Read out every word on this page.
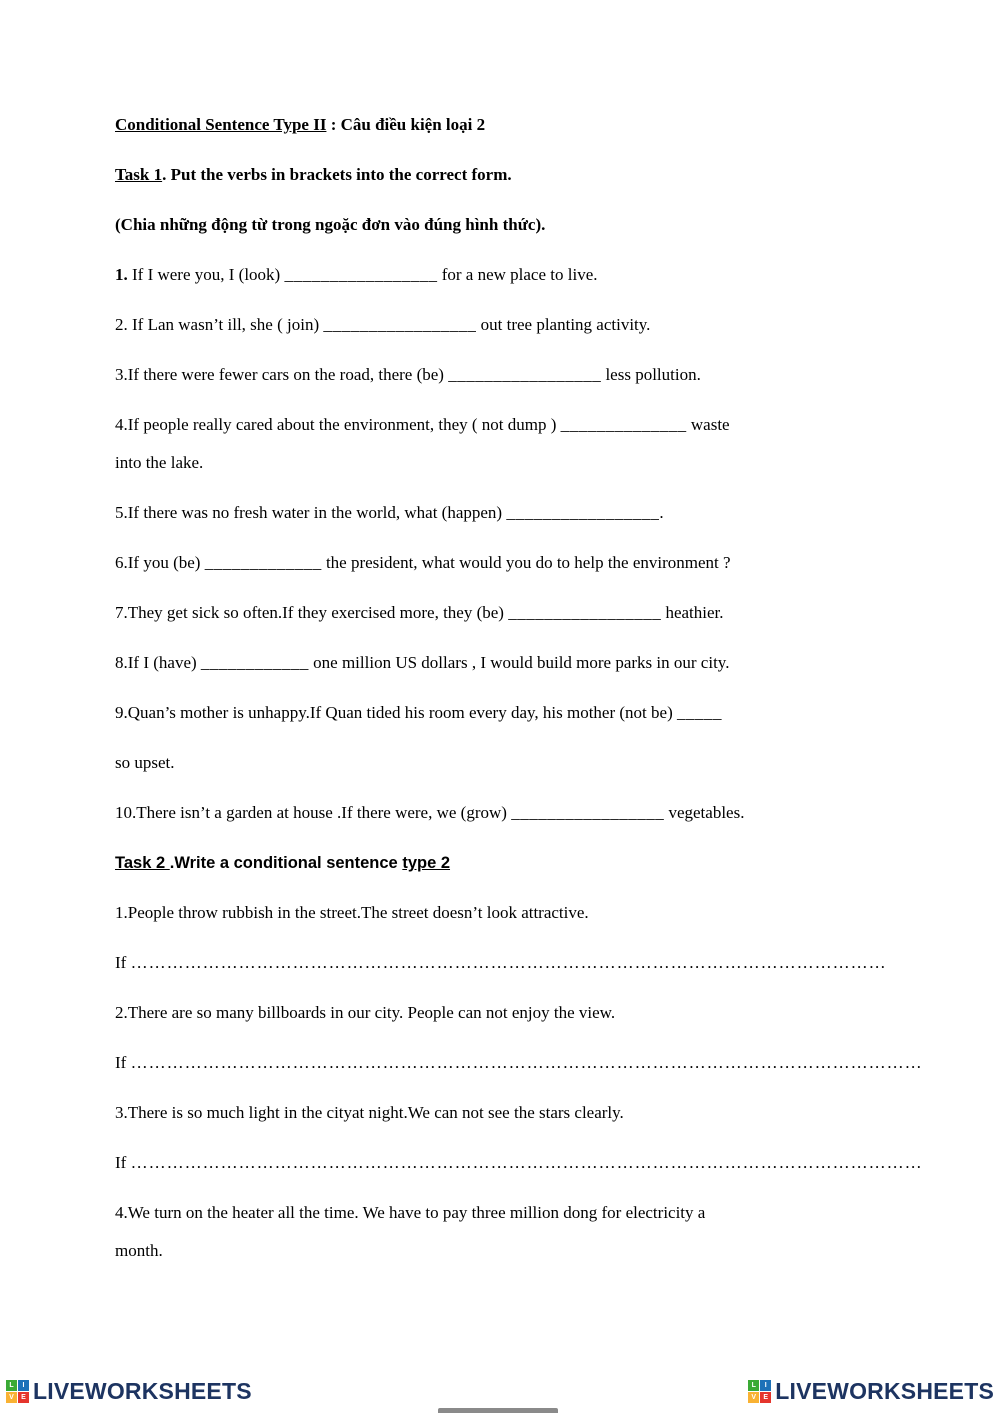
Conditional Sentence Type II : Câu điều kiện loại 2

Task 1. Put the verbs in brackets into the correct form.

(Chia những động từ trong ngoặc đơn vào đúng hình thức).

1. If I were you, I (look) _________________ for a new place to live.

2. If Lan wasn’t ill, she ( join) _________________ out tree planting activity.

3.If there were fewer cars on the road, there (be) _________________ less pollution.

4.If people really cared about the environment, they ( not dump ) ______________ waste

into the lake.

5.If there was no fresh water in the world, what (happen) _________________.

6.If you (be) _____________ the president, what would you do to help the environment ?

7.They get sick so often.If they exercised more, they (be) _________________ heathier.

8.If I (have) ____________ one million US dollars , I would build more parks in our city.

9.Quan’s mother is unhappy.If Quan tided his room every day, his mother (not be) _____

so upset.

10.There isn’t a garden at house .If there were, we (grow) _________________ vegetables.

Task 2 .Write a conditional sentence type 2

1.People throw rubbish in the street.The street doesn’t look attractive.

If ………………………………………………………………………………………………………………

2.There are so many billboards in our city. People can not enjoy the view.

If ……………………………………………………………………………………………………………………

3.There is so much light in the cityat night.We can not see the stars clearly.

If ……………………………………………………………………………………………………………………

4.We turn on the heater all the time. We have to pay three million dong for electricity a

month.

L	I
V	E LIVEWORKSHEETS	L	I
V	E LIVEWORKSHEETS
